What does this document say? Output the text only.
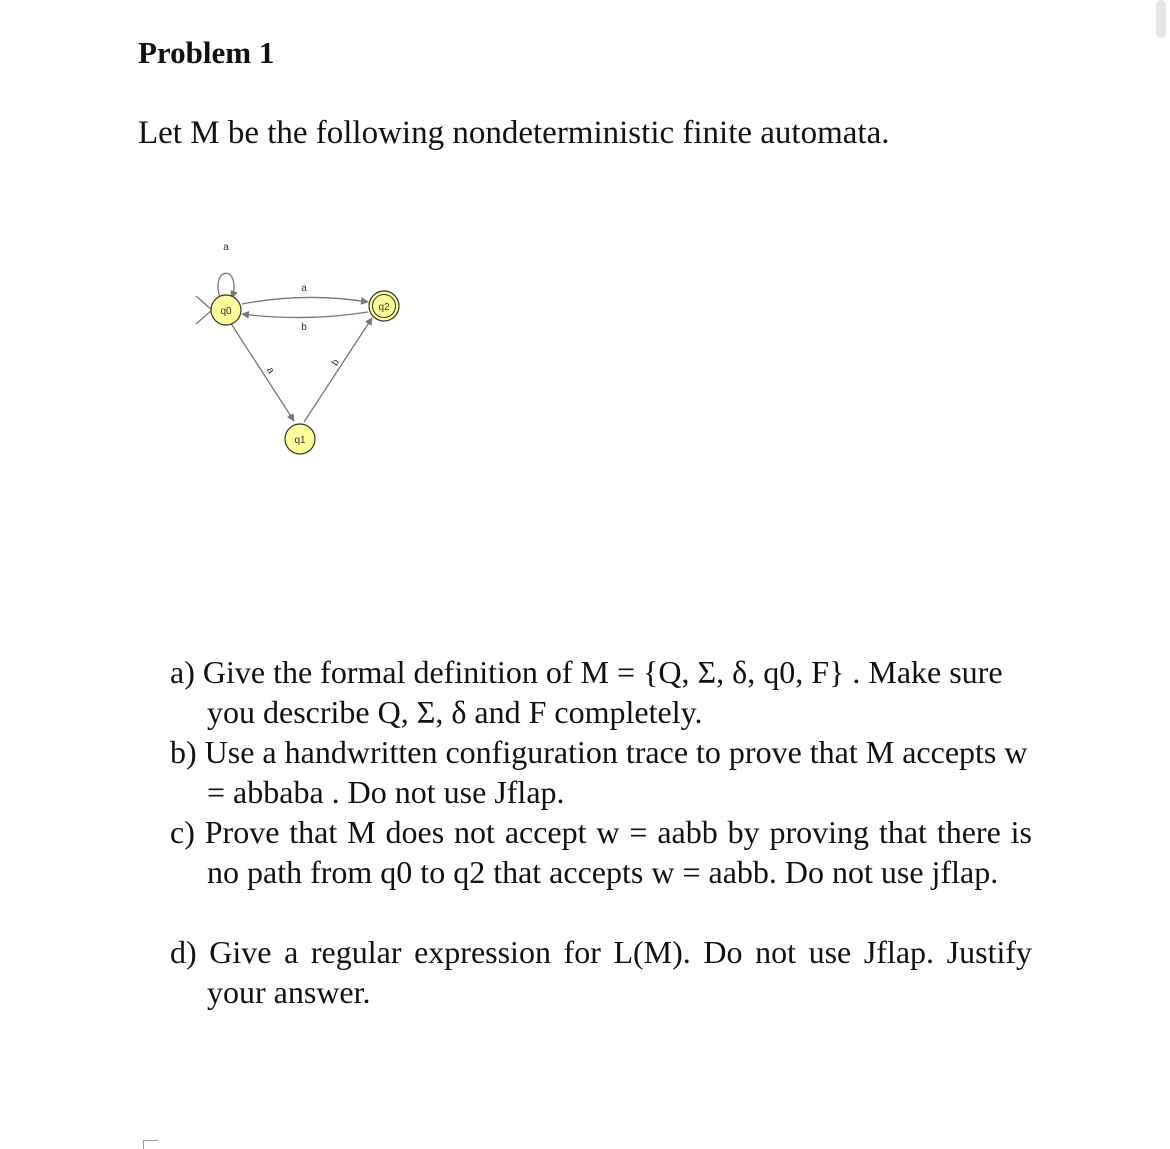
Problem 1

Let M be the following nondeterministic finite automata.

a
a
b
a
b
q0
q1
q2
a) Give the formal definition of M = {Q, Σ, δ, q0, F} . Make sure you describe Q, Σ, δ and F completely.
b) Use a handwritten configuration trace to prove that M accepts w = abbaba . Do not use Jflap.
c) Prove that M does not accept w = aabb by proving that there is no path from q0 to q2 that accepts w = aabb. Do not use jflap.
d) Give a regular expression for L(M). Do not use Jflap. Justify your answer.
